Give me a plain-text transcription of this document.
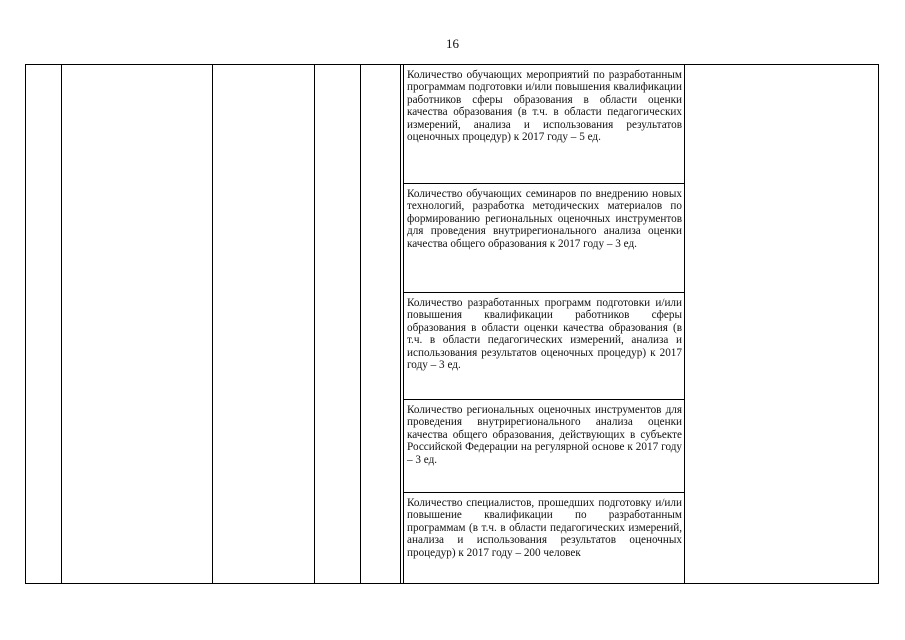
16
Количество обучающих мероприятий по разработанным программам подготовки и/или повышения квалификации работников сферы образования в области оценки качества образования (в т.ч. в области педагогических измерений, анализа и использования результатов оценочных процедур) к 2017 году – 5 ед.
Количество обучающих семинаров по внедрению новых технологий, разработка методических материалов по формированию региональных оценочных инструментов для проведения внутрирегионального анализа оценки качества общего образования к 2017 году – 3 ед.
Количество разработанных программ подготовки и/или повышения квалификации работников сферы образования в области оценки качества образования (в т.ч. в области педагогических измерений, анализа и использования результатов оценочных процедур) к 2017 году – 3 ед.
Количество региональных оценочных инструментов для проведения внутрирегионального анализа оценки качества общего образования, действующих в субъекте Российской Федерации на регулярной основе к 2017 году – 3 ед.
Количество специалистов, прошедших подготовку и/или повышение квалификации по разработанным программам (в т.ч. в области педагогических измерений, анализа и использования результатов оценочных процедур) к 2017 году – 200 человек
